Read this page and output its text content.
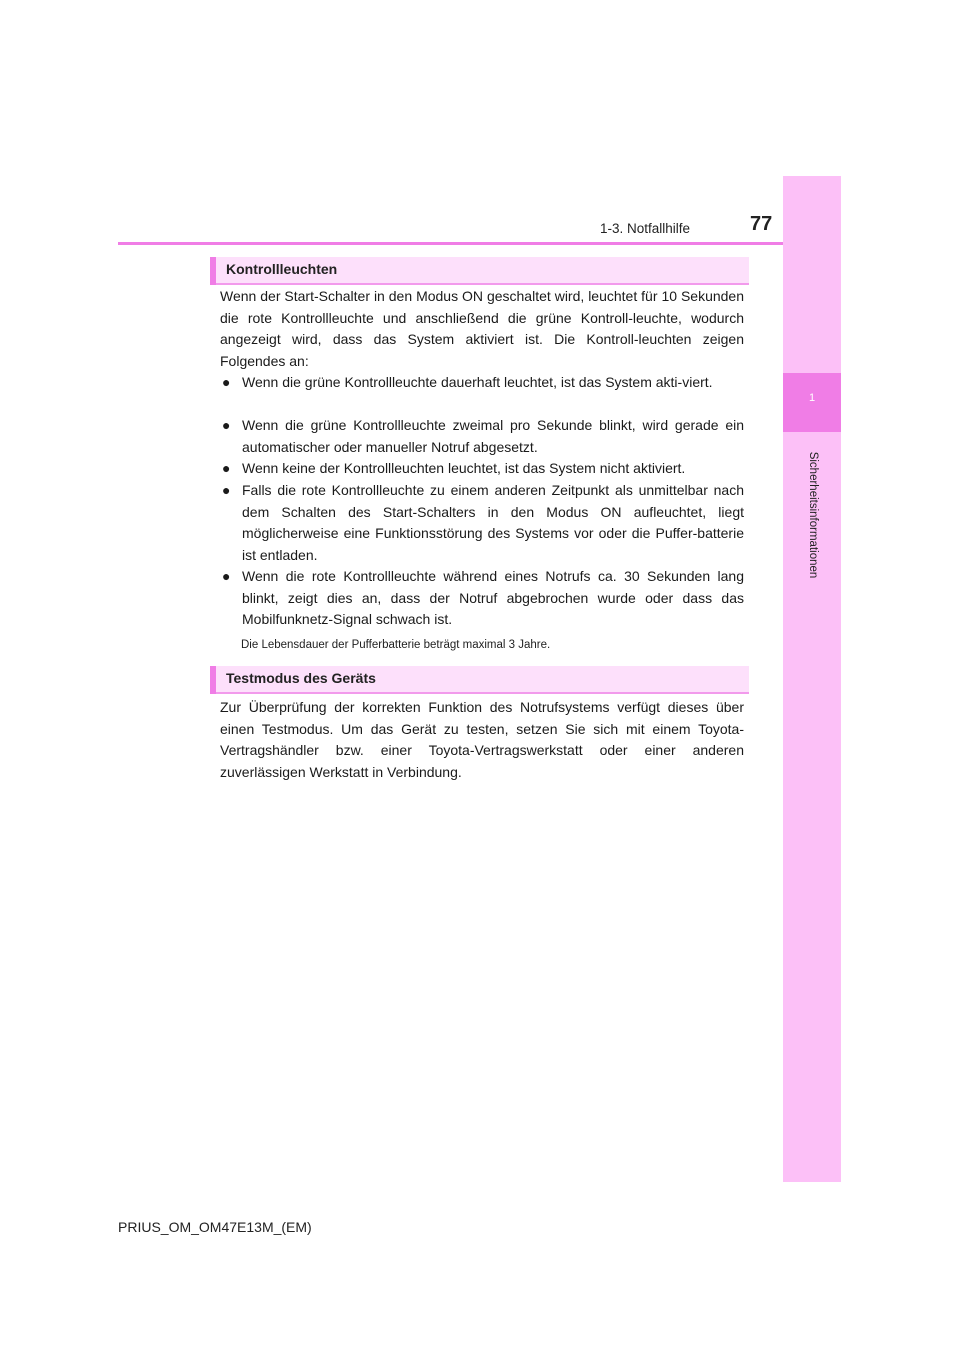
1-3. Notfallhilfe	77
1
Sicherheitsinformationen
Kontrollleuchten

Wenn der Start-Schalter in den Modus ON geschaltet wird, leuchtet für 10 Sekunden die rote Kontrollleuchte und anschließend die grüne Kontroll-leuchte, wodurch angezeigt wird, dass das System aktiviert ist. Die Kontroll-leuchten zeigen Folgendes an:

● Wenn die grüne Kontrollleuchte dauerhaft leuchtet, ist das System akti-viert.

● Wenn die grüne Kontrollleuchte zweimal pro Sekunde blinkt, wird gerade ein automatischer oder manueller Notruf abgesetzt.

● Wenn keine der Kontrollleuchten leuchtet, ist das System nicht aktiviert.

● Falls die rote Kontrollleuchte zu einem anderen Zeitpunkt als unmittelbar nach dem Schalten des Start-Schalters in den Modus ON aufleuchtet, liegt möglicherweise eine Funktionsstörung des Systems vor oder die Puffer-batterie ist entladen.

● Wenn die rote Kontrollleuchte während eines Notrufs ca. 30 Sekunden lang blinkt, zeigt dies an, dass der Notruf abgebrochen wurde oder dass das Mobilfunknetz-Signal schwach ist.

Die Lebensdauer der Pufferbatterie beträgt maximal 3 Jahre.
Testmodus des Geräts

Zur Überprüfung der korrekten Funktion des Notrufsystems verfügt dieses über einen Testmodus. Um das Gerät zu testen, setzen Sie sich mit einem Toyota-Vertragshändler bzw. einer Toyota-Vertragswerkstatt oder einer anderen zuverlässigen Werkstatt in Verbindung.

PRIUS_OM_OM47E13M_(EM)
